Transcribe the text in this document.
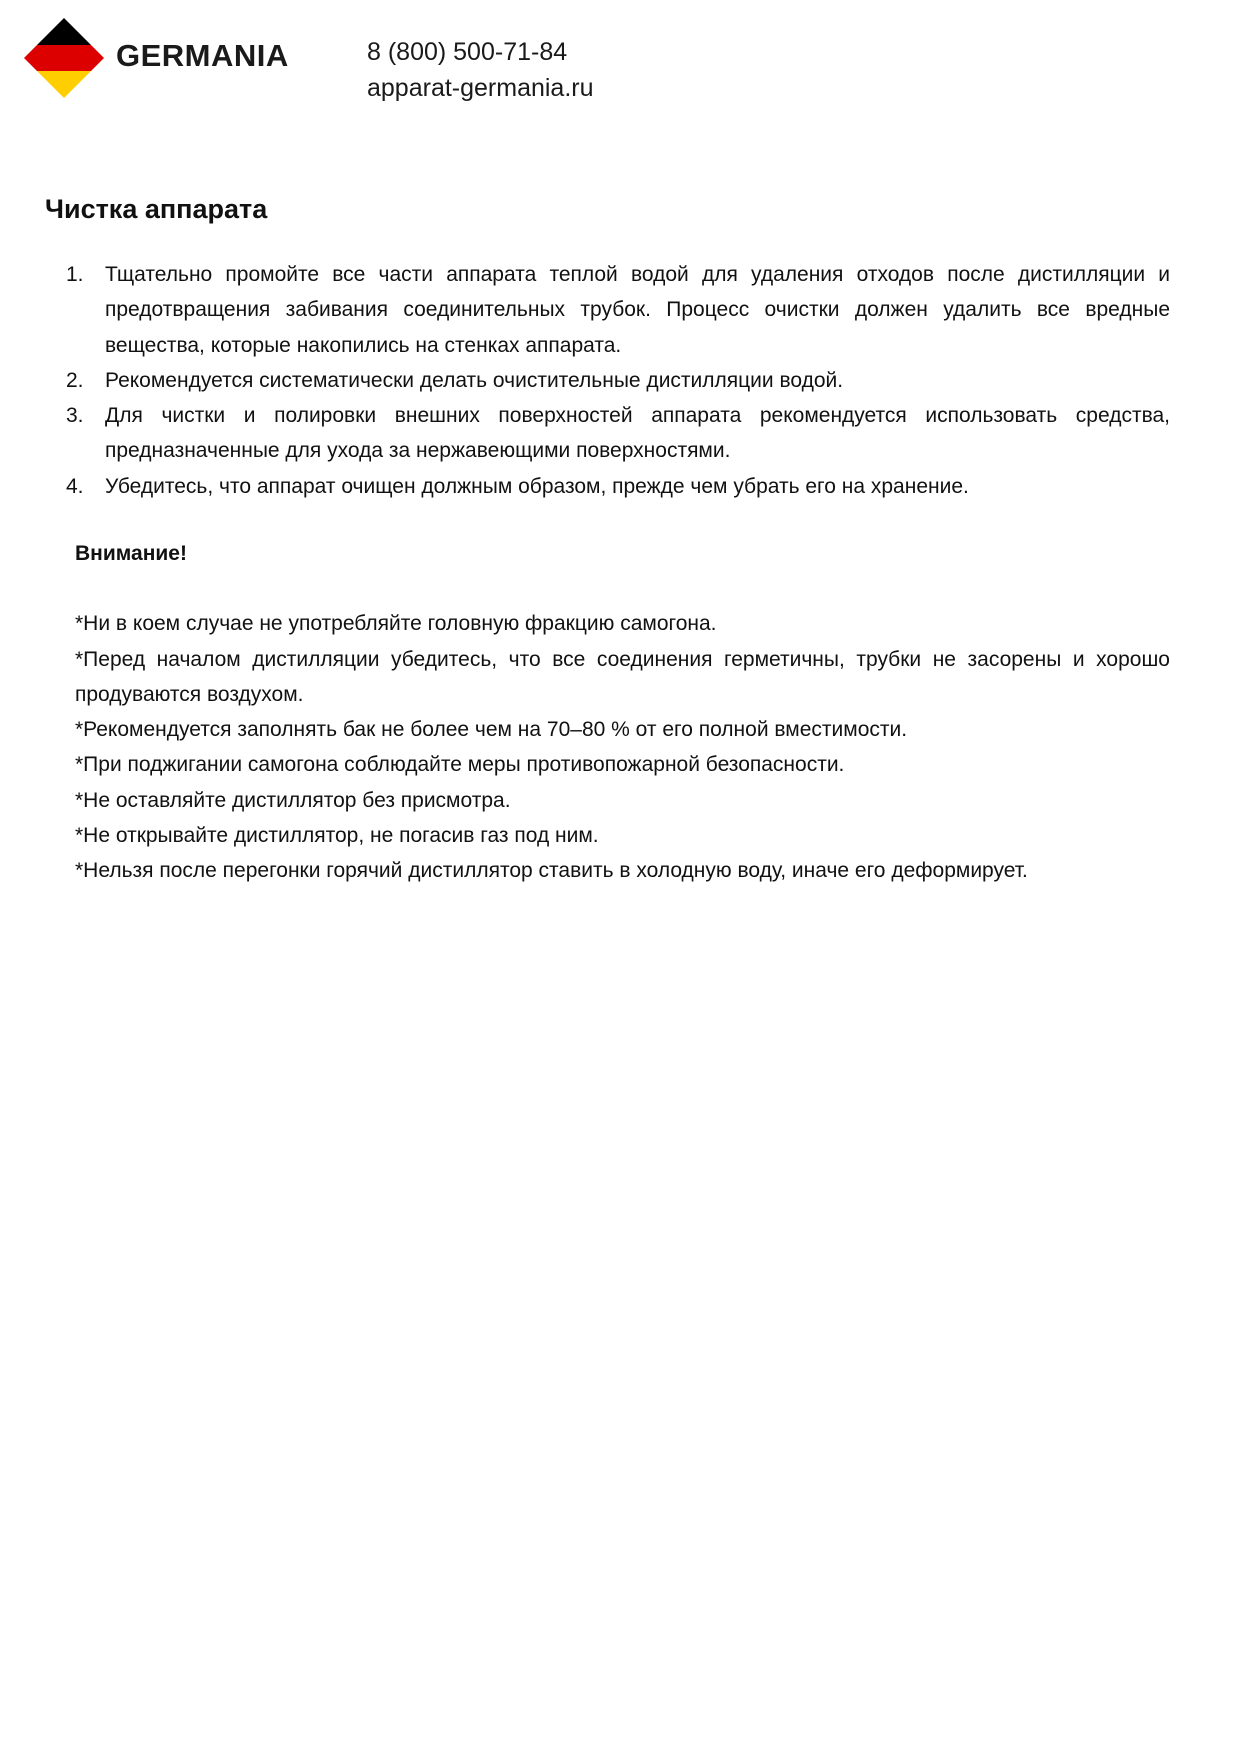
GERMANIA	8 (800) 500-71-84
apparat-germania.ru
Чистка аппарата
1. Тщательно промойте все части аппарата теплой водой для удаления отходов после дистилляции и предотвращения забивания соединительных трубок. Процесс очистки должен удалить все вредные вещества, которые накопились на стенках аппарата.
2. Рекомендуется систематически делать очистительные дистилляции водой.
3. Для чистки и полировки внешних поверхностей аппарата рекомендуется использовать средства, предназначенные для ухода за нержавеющими поверхностями.
4. Убедитесь, что аппарат очищен должным образом, прежде чем убрать его на хранение.
Внимание!
*Ни в коем случае не употребляйте головную фракцию самогона.
*Перед началом дистилляции убедитесь, что все соединения герметичны, трубки не засорены и хорошо продуваются воздухом.
*Рекомендуется заполнять бак не более чем на 70–80 % от его полной вместимости.
*При поджигании самогона соблюдайте меры противопожарной безопасности.
*Не оставляйте дистиллятор без присмотра.
*Не открывайте дистиллятор, не погасив газ под ним.
*Нельзя после перегонки горячий дистиллятор ставить в холодную воду, иначе его деформирует.
